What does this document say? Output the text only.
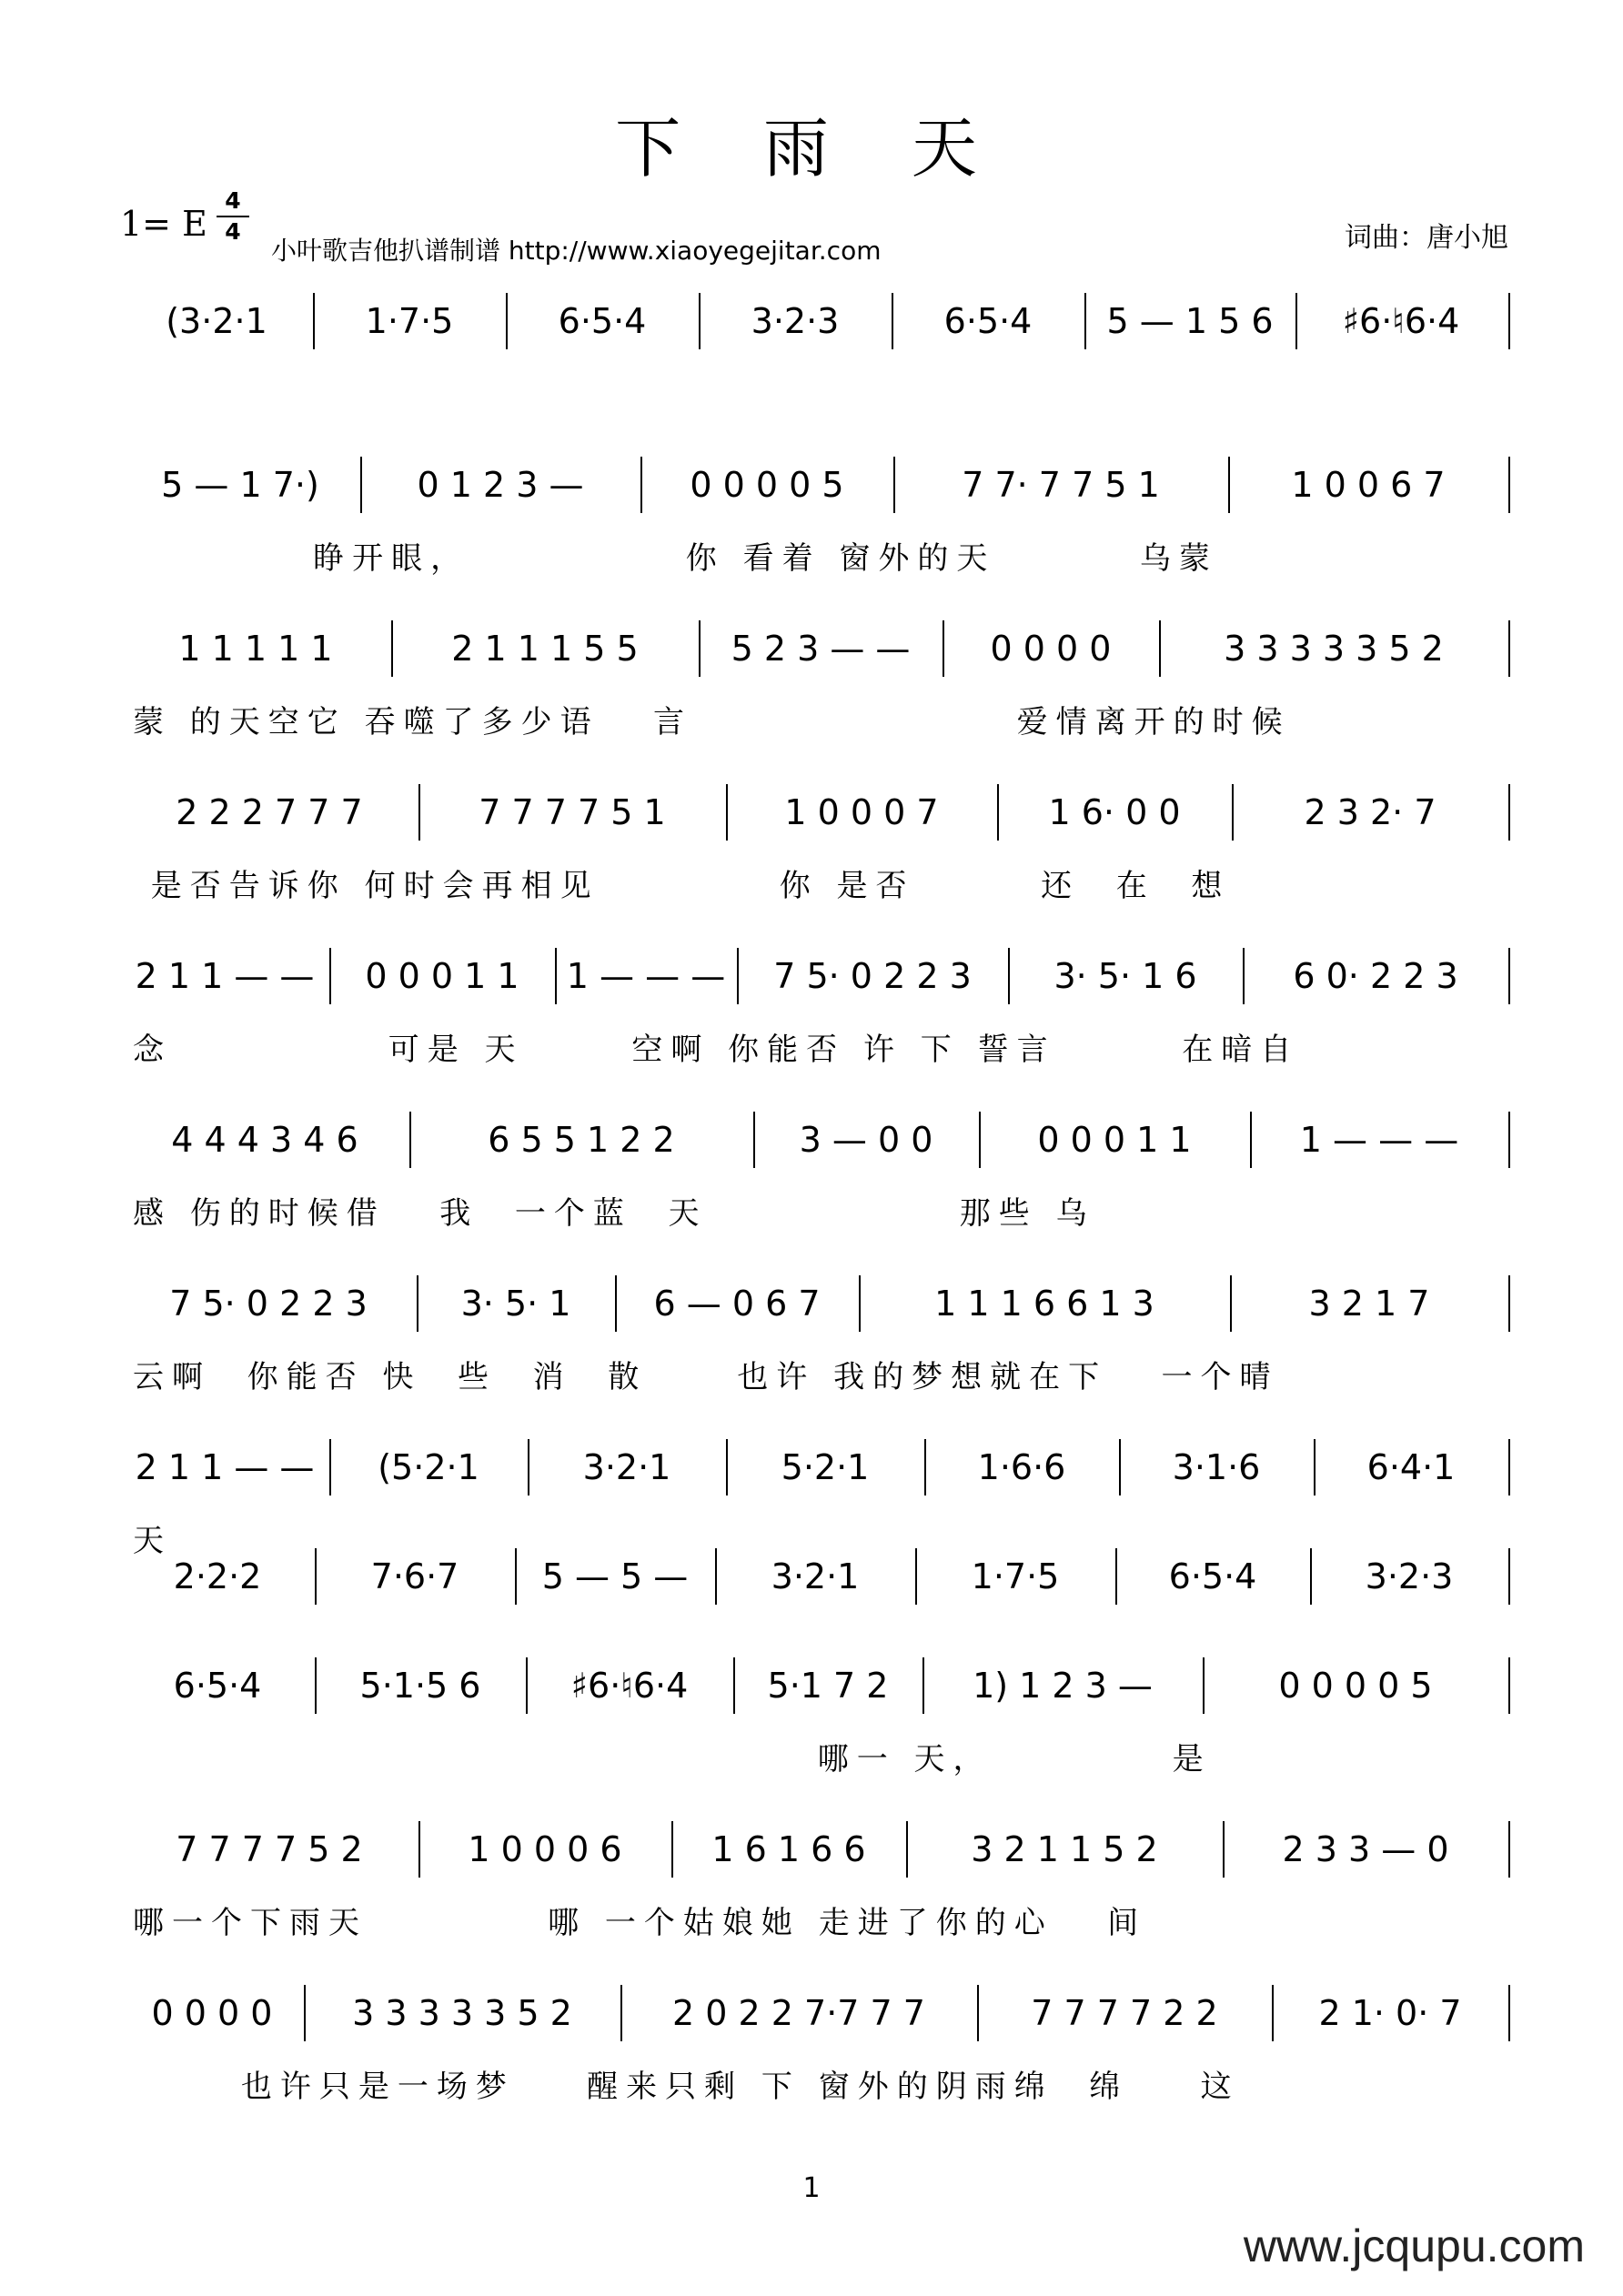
下 雨 天
1= E
4
4
小叶歌吉他扒谱制谱 http://www.xiaoyegejitar.com	词曲：唐小旭
(3·2·1	1·7·5	6·5·4	3·2·3	6·5·4	5 — 1 5 6	♯6·♮6·4
5 — 1 7·)	0 1 2 3 —	0 0 0 0 5	7 7· 7 7 5 1	1 0 0 6 7
睁开眼，            你 看着 窗外的天        乌蒙
1 1 1 1 1	2 1 1 1 5 5	5 2 3 — —	0 0 0 0	3 3 3 3 3 5 2
蒙 的天空它 吞噬了多少语   言                  爱情离开的时候
2 2 2 7 7 7	7 7 7 7 5 1	1 0 0 0 7	1 6· 0 0	2 3 2· 7
是否告诉你 何时会再相见          你 是否       还  在  想
2 1 1 — —	0 0 0 1 1	1 — — —	7 5· 0 2 2 3	3· 5· 1 6	6 0· 2 2 3
念            可是 天      空啊 你能否 许 下 誓言       在暗自
4 4 4 3 4 6	6 5 5 1 2 2	3 — 0 0	0 0 0 1 1	1 — — —
感 伤的时候借   我  一个蓝  天              那些 乌
7 5· 0 2 2 3	3· 5· 1	6 — 0 6 7	1 1 1 6 6 1 3	3 2 1 7
云啊  你能否 快  些  消  散     也许 我的梦想就在下   一个晴
2 1 1 — —	(5·2·1	3·2·1	5·2·1	1·6·6	3·1·6	6·4·1
天
2·2·2	7·6·7	5 — 5 —	3·2·1	1·7·5	6·5·4	3·2·3
6·5·4	5·1·5 6	♯6·♮6·4	5·1 7 2	1) 1 2 3 —	0 0 0 0 5
哪一 天，          是
7 7 7 7 5 2	1 0 0 0 6	1 6 1 6 6	3 2 1 1 5 2	2 3 3 — 0
哪一个下雨天          哪 一个姑娘她 走进了你的心   间
0 0 0 0	3 3 3 3 3 5 2	2 0 2 2 7·7 7 7	7 7 7 7 2 2	2 1· 0· 7
也许只是一场梦    醒来只剩 下 窗外的阴雨绵  绵    这
1
www.jcqupu.com
